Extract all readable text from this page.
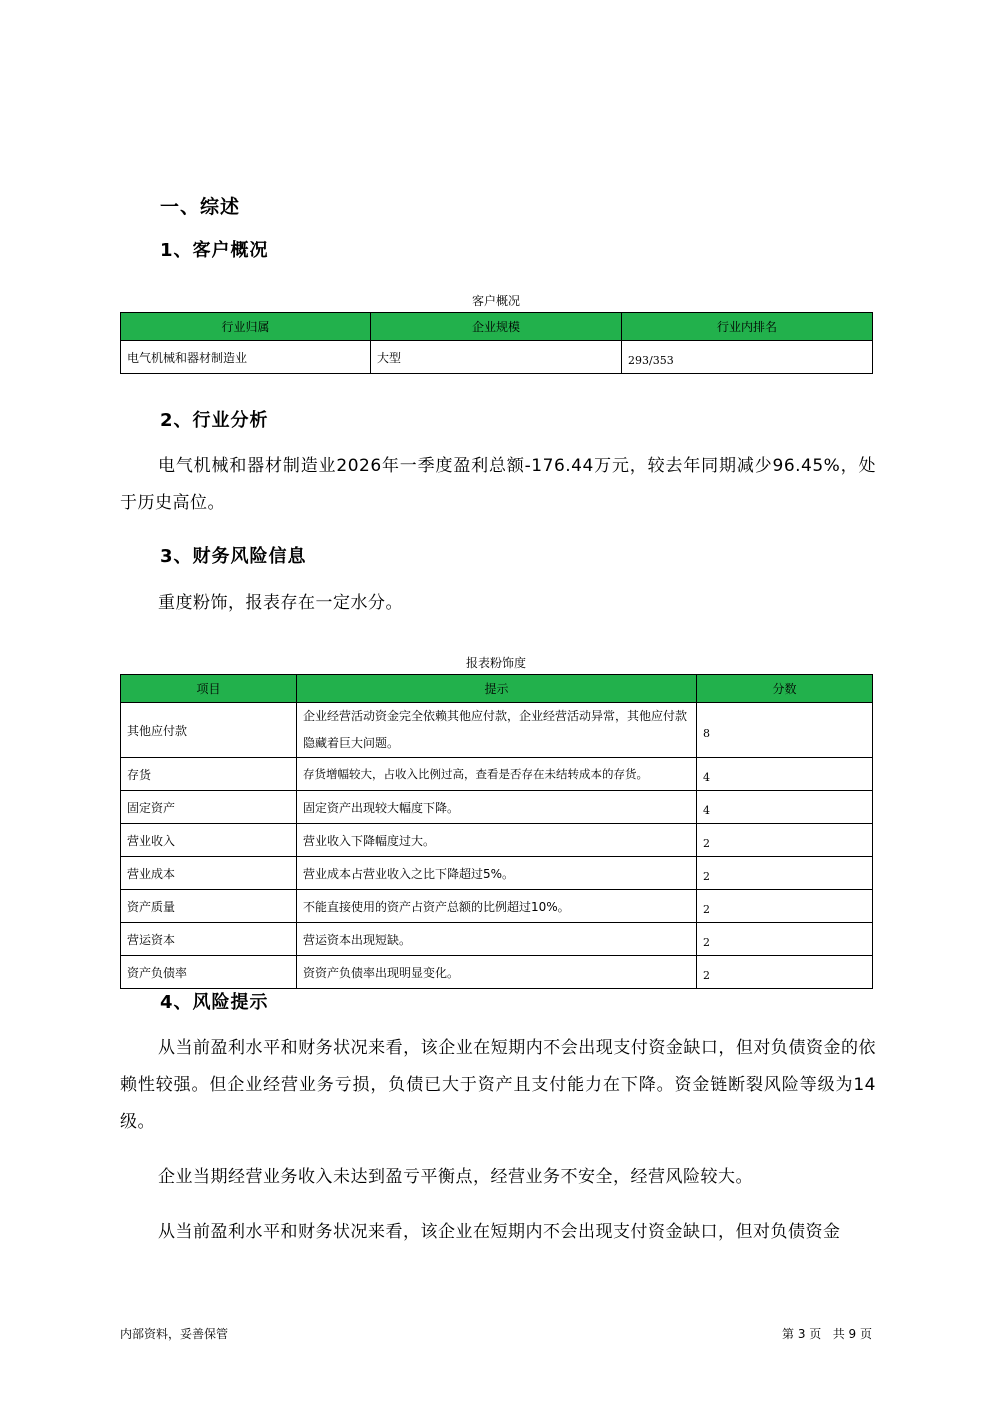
一、综述
1、客户概况
客户概况
行业归属	企业规模	行业内排名
电气机械和器材制造业	大型	293/353
2、行业分析
电气机械和器材制造业2026年一季度盈利总额-176.44万元，较去年同期减少96.45%，处于历史高位。
3、财务风险信息
重度粉饰，报表存在一定水分。
报表粉饰度
项目	提示	分数
其他应付款	企业经营活动资金完全依赖其他应付款，企业经营活动异常，其他应付款隐藏着巨大问题。	8
存货	存货增幅较大，占收入比例过高，查看是否存在未结转成本的存货。	4
固定资产	固定资产出现较大幅度下降。	4
营业收入	营业收入下降幅度过大。	2
营业成本	营业成本占营业收入之比下降超过5%。	2
资产质量	不能直接使用的资产占资产总额的比例超过10%。	2
营运资本	营运资本出现短缺。	2
资产负债率	资资产负债率出现明显变化。	2
4、风险提示
从当前盈利水平和财务状况来看，该企业在短期内不会出现支付资金缺口，但对负债资金的依赖性较强。但企业经营业务亏损，负债已大于资产且支付能力在下降。资金链断裂风险等级为14级。
企业当期经营业务收入未达到盈亏平衡点，经营业务不安全，经营风险较大。
从当前盈利水平和财务状况来看，该企业在短期内不会出现支付资金缺口，但对负债资金
内部资料，妥善保管	第 3 页   共 9 页
